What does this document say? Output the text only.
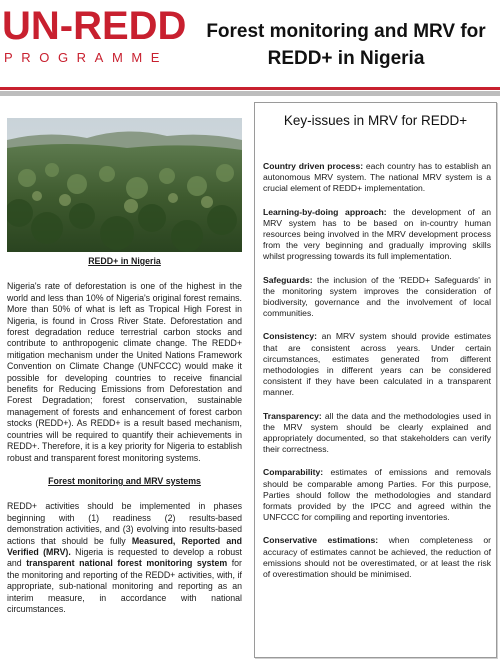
UN-REDD
PROGRAMME
Forest monitoring and MRV for REDD+ in Nigeria
REDD+ in Nigeria
Nigeria's rate of deforestation is one of the highest in the world and less than 10% of Nigeria's original forest remains. More than 50% of what is left as Tropical High Forest in Nigeria, is found in Cross River State. Deforestation and forest degradation reduce terrestrial carbon stocks and contribute to anthropogenic climate change. The REDD+ mitigation mechanism under the United Nations Framework Convention on Climate Change (UNFCCC) would make it possible for developing countries to receive financial benefits for Reducing Emissions from Deforestation and Forest Degradation; forest conservation, sustainable management of forests and enhancement of forest carbon stocks (REDD+). As REDD+ is a result based mechanism, countries will be required to quantify their achievements in REDD+. Therefore, it is a key priority for Nigeria to establish robust and transparent forest monitoring systems.
Forest monitoring and MRV systems
REDD+ activities should be implemented in phases beginning with (1) readiness (2) results-based demonstration activities, and (3) evolving into results-based actions that should be fully Measured, Reported and Verified (MRV). Nigeria is requested to develop a robust and transparent national forest monitoring system for the monitoring and reporting of the REDD+ activities, with, if appropriate, sub-national monitoring and reporting as an interim measure, in accordance with national circumstances.
Key-issues in MRV for REDD+
Country driven process: each country has to establish an autonomous MRV system. The national MRV system is a crucial element of REDD+ implementation.
Learning-by-doing approach: the development of an MRV system has to be based on in-country human resources being involved in the MRV development process from the very beginning and gradually improving skills whilst progressing towards its full implementation.
Safeguards: the inclusion of the 'REDD+ Safeguards' in the monitoring system improves the consideration of biodiversity, governance and the involvement of local communities.
Consistency: an MRV system should provide estimates that are consistent across years. Under certain circumstances, estimates generated from different methodologies in different years can be considered consistent if they have been calculated in a transparent manner.
Transparency: all the data and the methodologies used in the MRV system should be clearly explained and appropriately documented, so that stakeholders can verify their correctness.
Comparability: estimates of emissions and removals should be comparable among Parties. For this purpose, Parties should follow the methodologies and standard formats provided by the IPCC and agreed within the UNFCCC for compiling and reporting inventories.
Conservative estimations: when completeness or accuracy of estimates cannot be achieved, the reduction of emissions should not be overestimated, or at least the risk of overestimation should be minimised.
